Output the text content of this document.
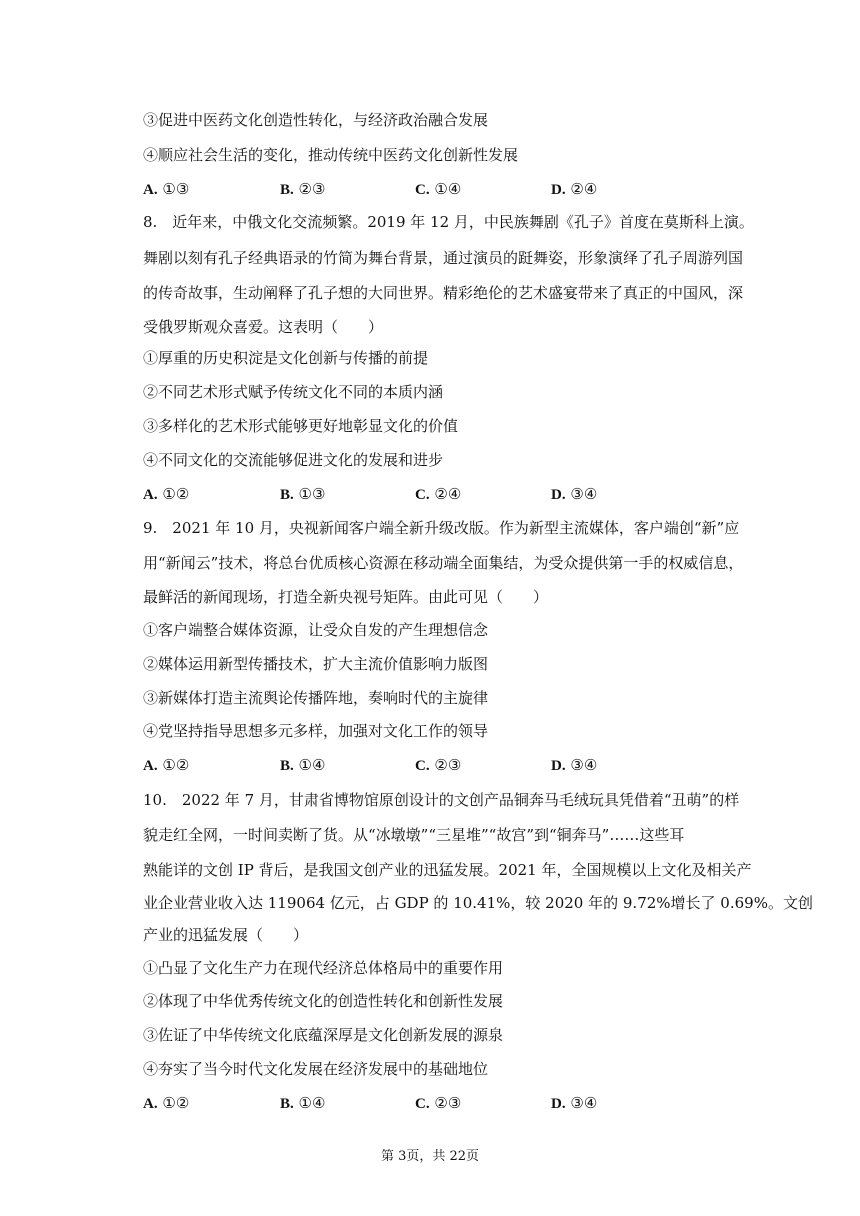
③促进中医药文化创造性转化，与经济政治融合发展
④顺应社会生活的变化，推动传统中医药文化创新性发展
A. ①③	B. ②③	C. ①④	D. ②④
8.　近年来，中俄文化交流频繁。2019 年 12 月，中民族舞剧《孔子》首度在莫斯科上演。
舞剧以刻有孔子经典语录的竹简为舞台背景，通过演员的跹舞姿，形象演绎了孔子周游列国
的传奇故事，生动阐释了孔子想的大同世界。精彩绝伦的艺术盛宴带来了真正的中国风，深
受俄罗斯观众喜爱。这表明（　　）
①厚重的历史积淀是文化创新与传播的前提
②不同艺术形式赋予传统文化不同的本质内涵
③多样化的艺术形式能够更好地彰显文化的价值
④不同文化的交流能够促进文化的发展和进步
A. ①②	B. ①③	C. ②④	D. ③④
9.　2021 年 10 月，央视新闻客户端全新升级改版。作为新型主流媒体，客户端创“新”应
用“新闻云”技术，将总台优质核心资源在移动端全面集结，为受众提供第一手的权威信息，
最鲜活的新闻现场，打造全新央视号矩阵。由此可见（　　）
①客户端整合媒体资源，让受众自发的产生理想信念
②媒体运用新型传播技术，扩大主流价值影响力版图
③新媒体打造主流舆论传播阵地，奏响时代的主旋律
④党坚持指导思想多元多样，加强对文化工作的领导
A. ①②	B. ①④	C. ②③	D. ③④
10.　2022 年 7 月，甘肃省博物馆原创设计的文创产品铜奔马毛绒玩具凭借着“丑萌”的样
貌走红全网，一时间卖断了货。从“冰墩墩”“三星堆”“故宫”到“铜奔马”……这些耳
熟能详的文创 IP 背后，是我国文创产业的迅猛发展。2021 年，全国规模以上文化及相关产
业企业营业收入达 119064 亿元，占 GDP 的 10.41%，较 2020 年的 9.72%增长了 0.69%。文创
产业的迅猛发展（　　）
①凸显了文化生产力在现代经济总体格局中的重要作用
②体现了中华优秀传统文化的创造性转化和创新性发展
③佐证了中华传统文化底蕴深厚是文化创新发展的源泉
④夯实了当今时代文化发展在经济发展中的基础地位
A. ①②	B. ①④	C. ②③	D. ③④
第 3页，共 22页
